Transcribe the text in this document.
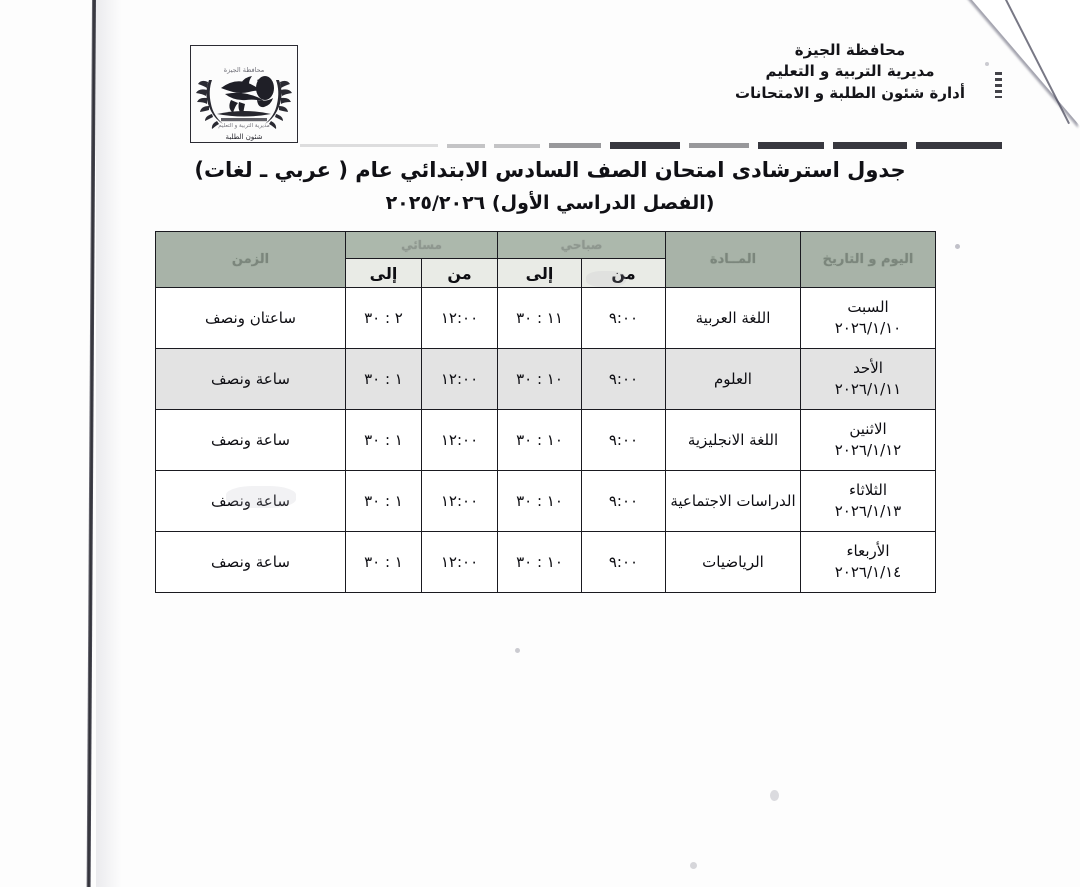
محافظة الجيزة
مديرية التربية و التعليم
شئون الطلبة
محافظة الجيزة
مديرية التربية و التعليم
أدارة شئون الطلبة و الامتحانات
جدول استرشادى امتحان الصف السادس الابتدائي عام ( عربي ـ لغات)
(الفصل الدراسي الأول) ٢٠٢٥/٢٠٢٦
اليوم و التاريخ	المــادة	صباحي		مسائي		الزمن
		من	إلى	من	إلى	

السبت
٢٠٢٦/١/١٠	اللغة العربية	٩:٠٠	١١ : ٣٠	١٢:٠٠	٢ : ٣٠	ساعتان ونصف

الأحد
٢٠٢٦/١/١١	العلوم	٩:٠٠	١٠ : ٣٠	١٢:٠٠	١ : ٣٠	ساعة ونصف

الاثنين
٢٠٢٦/١/١٢	اللغة الانجليزية	٩:٠٠	١٠ : ٣٠	١٢:٠٠	١ : ٣٠	ساعة ونصف

الثلاثاء
٢٠٢٦/١/١٣	الدراسات الاجتماعية	٩:٠٠	١٠ : ٣٠	١٢:٠٠	١ : ٣٠	ساعة ونصف

الأربعاء
٢٠٢٦/١/١٤	الرياضيات	٩:٠٠	١٠ : ٣٠	١٢:٠٠	١ : ٣٠	ساعة ونصف
